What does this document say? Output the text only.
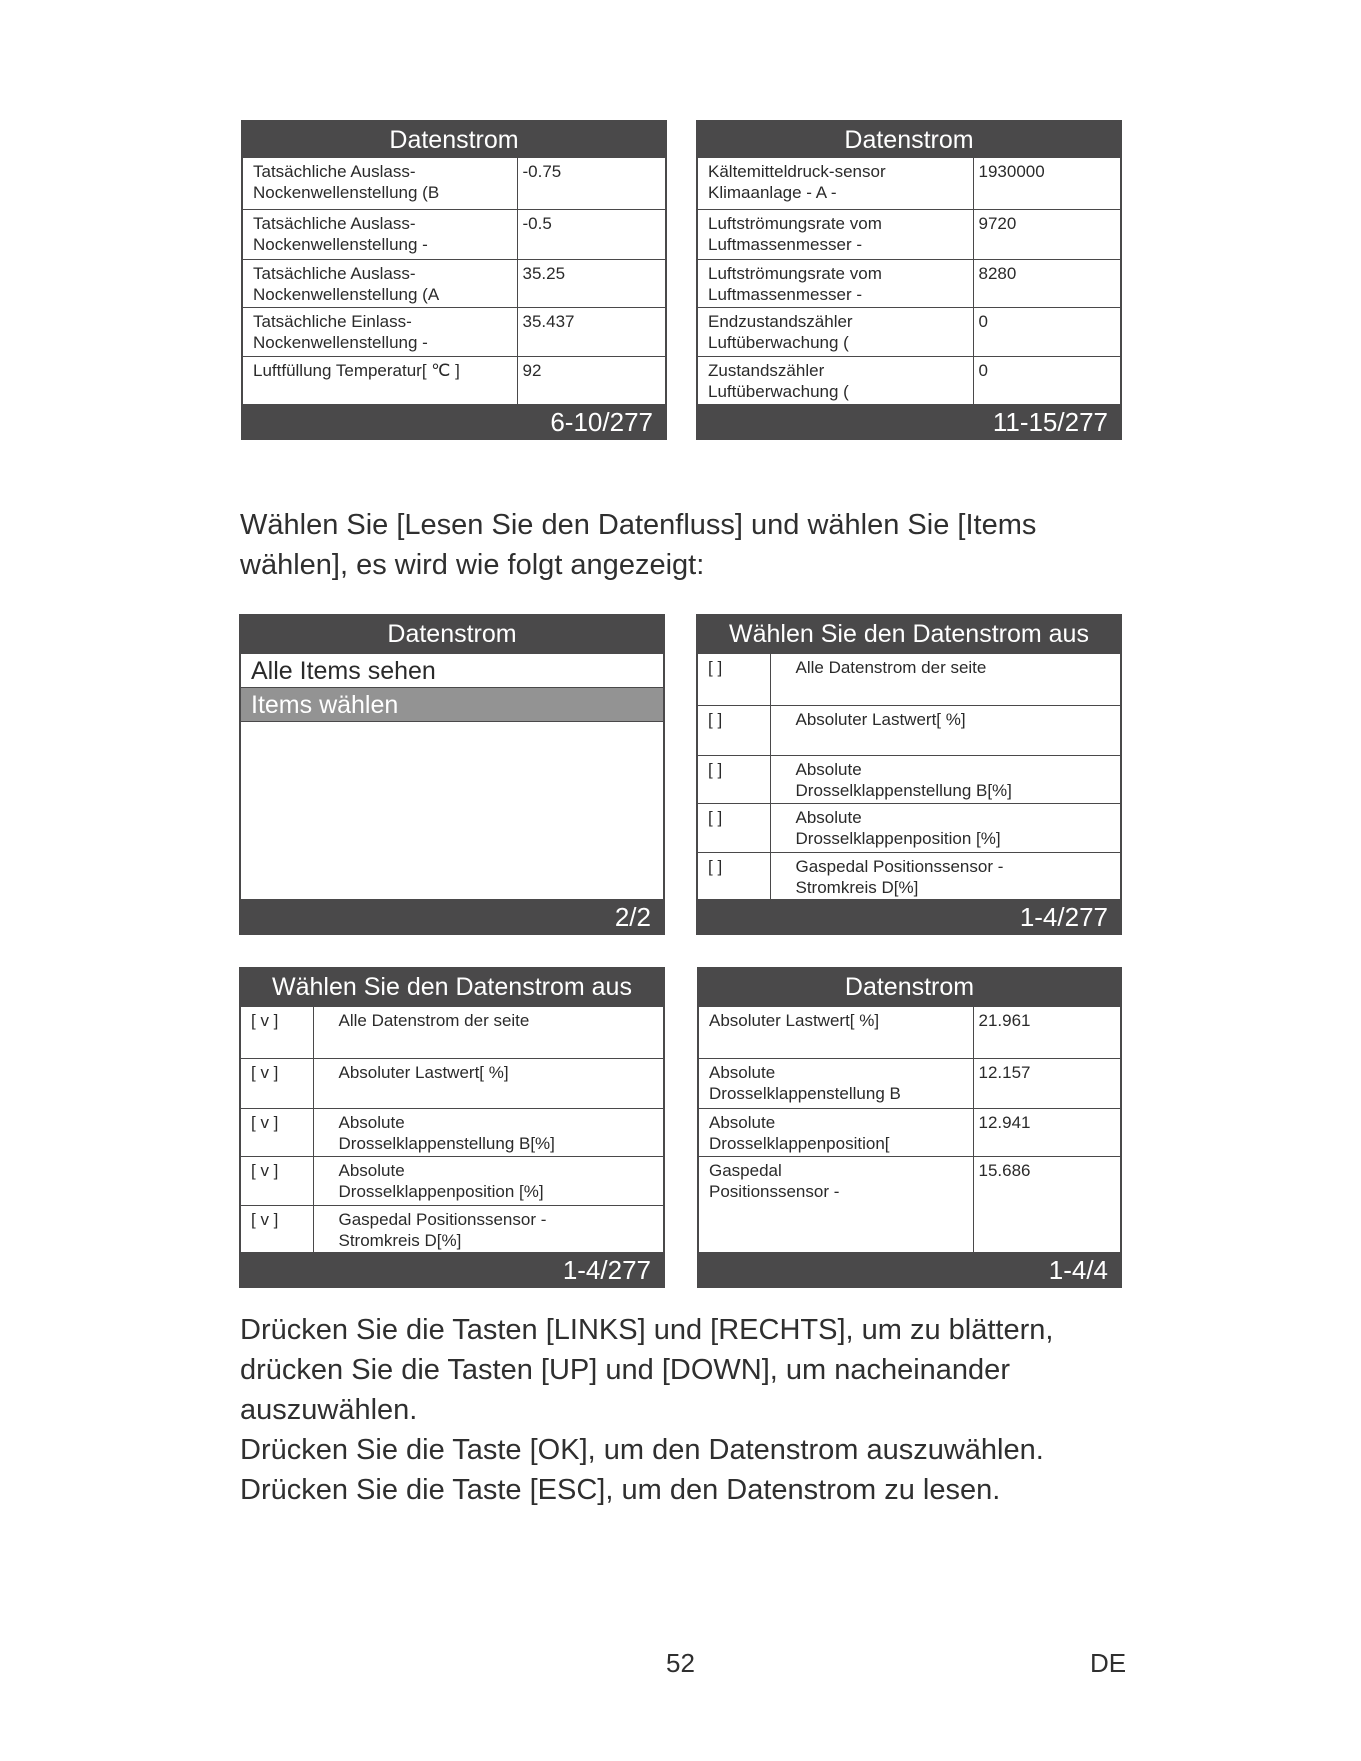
Datenstrom
Tatsächliche Auslass-
Nockenwellenstellung (B	-0.75
Tatsächliche Auslass-
Nockenwellenstellung -	-0.5
Tatsächliche Auslass-
Nockenwellenstellung (A	35.25
Tatsächliche Einlass-
Nockenwellenstellung -	35.437
Luftfüllung Temperatur[ ℃ ]	92
6-10/277
Datenstrom
Kältemitteldruck-sensor
Klimaanlage - A -	1930000
Luftströmungsrate vom
Luftmassenmesser -	9720
Luftströmungsrate vom
Luftmassenmesser -	8280
Endzustandszähler
Luftüberwachung (	0
Zustandszähler
Luftüberwachung (	0
11-15/277

Wählen Sie [Lesen Sie den Datenfluss] und wählen Sie [Items wählen], es wird wie folgt angezeigt:

Datenstrom
Alle Items sehen
Items wählen
2/2
Wählen Sie den Datenstrom aus
[ ]	Alle Datenstrom der seite
[ ]	Absoluter Lastwert[ %]
[ ]	Absolute
Drosselklappenstellung B[%]
[ ]	Absolute
Drosselklappenposition [%]
[ ]	Gaspedal Positionssensor -
Stromkreis D[%]
1-4/277
Wählen Sie den Datenstrom aus
[ v ]	Alle Datenstrom der seite
[ v ]	Absoluter Lastwert[ %]
[ v ]	Absolute
Drosselklappenstellung B[%]
[ v ]	Absolute
Drosselklappenposition [%]
[ v ]	Gaspedal Positionssensor -
Stromkreis D[%]
1-4/277
Datenstrom
Absoluter Lastwert[ %]	21.961
Absolute
Drosselklappenstellung B	12.157
Absolute
Drosselklappenposition[	12.941
Gaspedal
Positionssensor -	15.686
1-4/4
Drücken Sie die Tasten [LINKS] und [RECHTS], um zu blättern,
drücken Sie die Tasten [UP] und [DOWN], um nacheinander
auszuwählen.
Drücken Sie die Taste [OK], um den Datenstrom auszuwählen.
Drücken Sie die Taste [ESC], um den Datenstrom zu lesen.
52	DE
